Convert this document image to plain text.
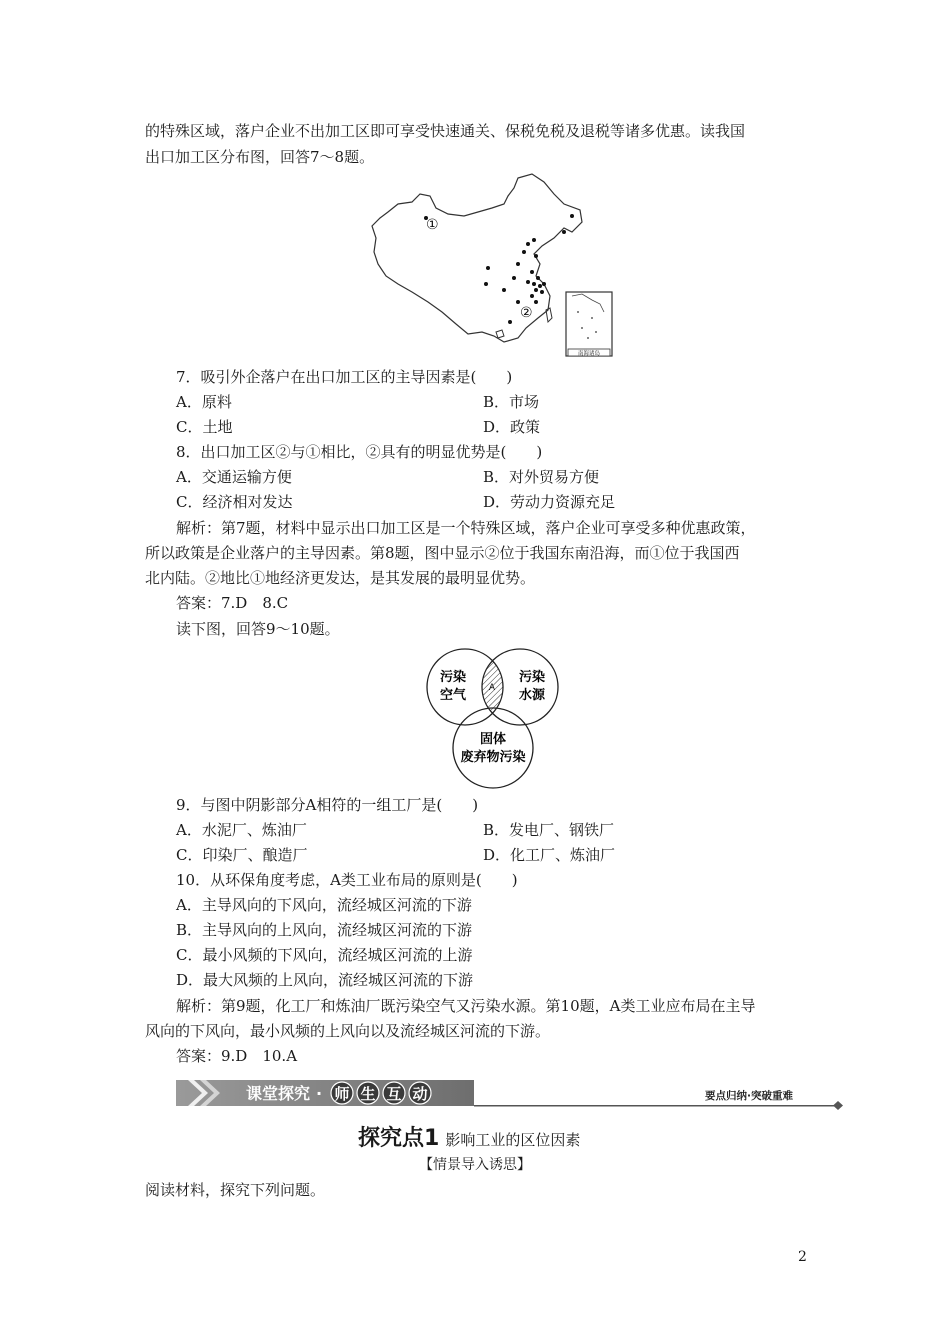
的特殊区域，落户企业不出加工区即可享受快速通关、保税免税及退税等诸多优惠。读我国
出口加工区分布图，回答7～8题。
①
②
南海诸岛
7．吸引外企落户在出口加工区的主导因素是(　　)
A．原料	B．市场
C．土地	D．政策
8．出口加工区②与①相比，②具有的明显优势是(　　)
A．交通运输方便	B．对外贸易方便
C．经济相对发达	D．劳动力资源充足
解析：第7题，材料中显示出口加工区是一个特殊区域，落户企业可享受多种优惠政策，
所以政策是企业落户的主导因素。第8题，图中显示②位于我国东南沿海，而①位于我国西
北内陆。②地比①地经济更发达，是其发展的最明显优势。
答案：7.D　8.C
读下图，回答9～10题。
污染
空气
污染
水源
固体
废弃物污染
A
9．与图中阴影部分A相符的一组工厂是(　　)
A．水泥厂、炼油厂	B．发电厂、钢铁厂
C．印染厂、酿造厂	D．化工厂、炼油厂
10．从环保角度考虑，A类工业布局的原则是(　　)
A．主导风向的下风向，流经城区河流的下游
B．主导风向的上风向，流经城区河流的下游
C．最小风频的下风向，流经城区河流的上游
D．最大风频的上风向，流经城区河流的下游
解析：第9题，化工厂和炼油厂既污染空气又污染水源。第10题，A类工业应布局在主导
风向的下风向，最小风频的上风向以及流经城区河流的下游。
答案：9.D　10.A
课堂探究 · 师 生 互 动	要点归纳·突破重难
探究点1 影响工业的区位因素
【情景导入诱思】
阅读材料，探究下列问题。
2
